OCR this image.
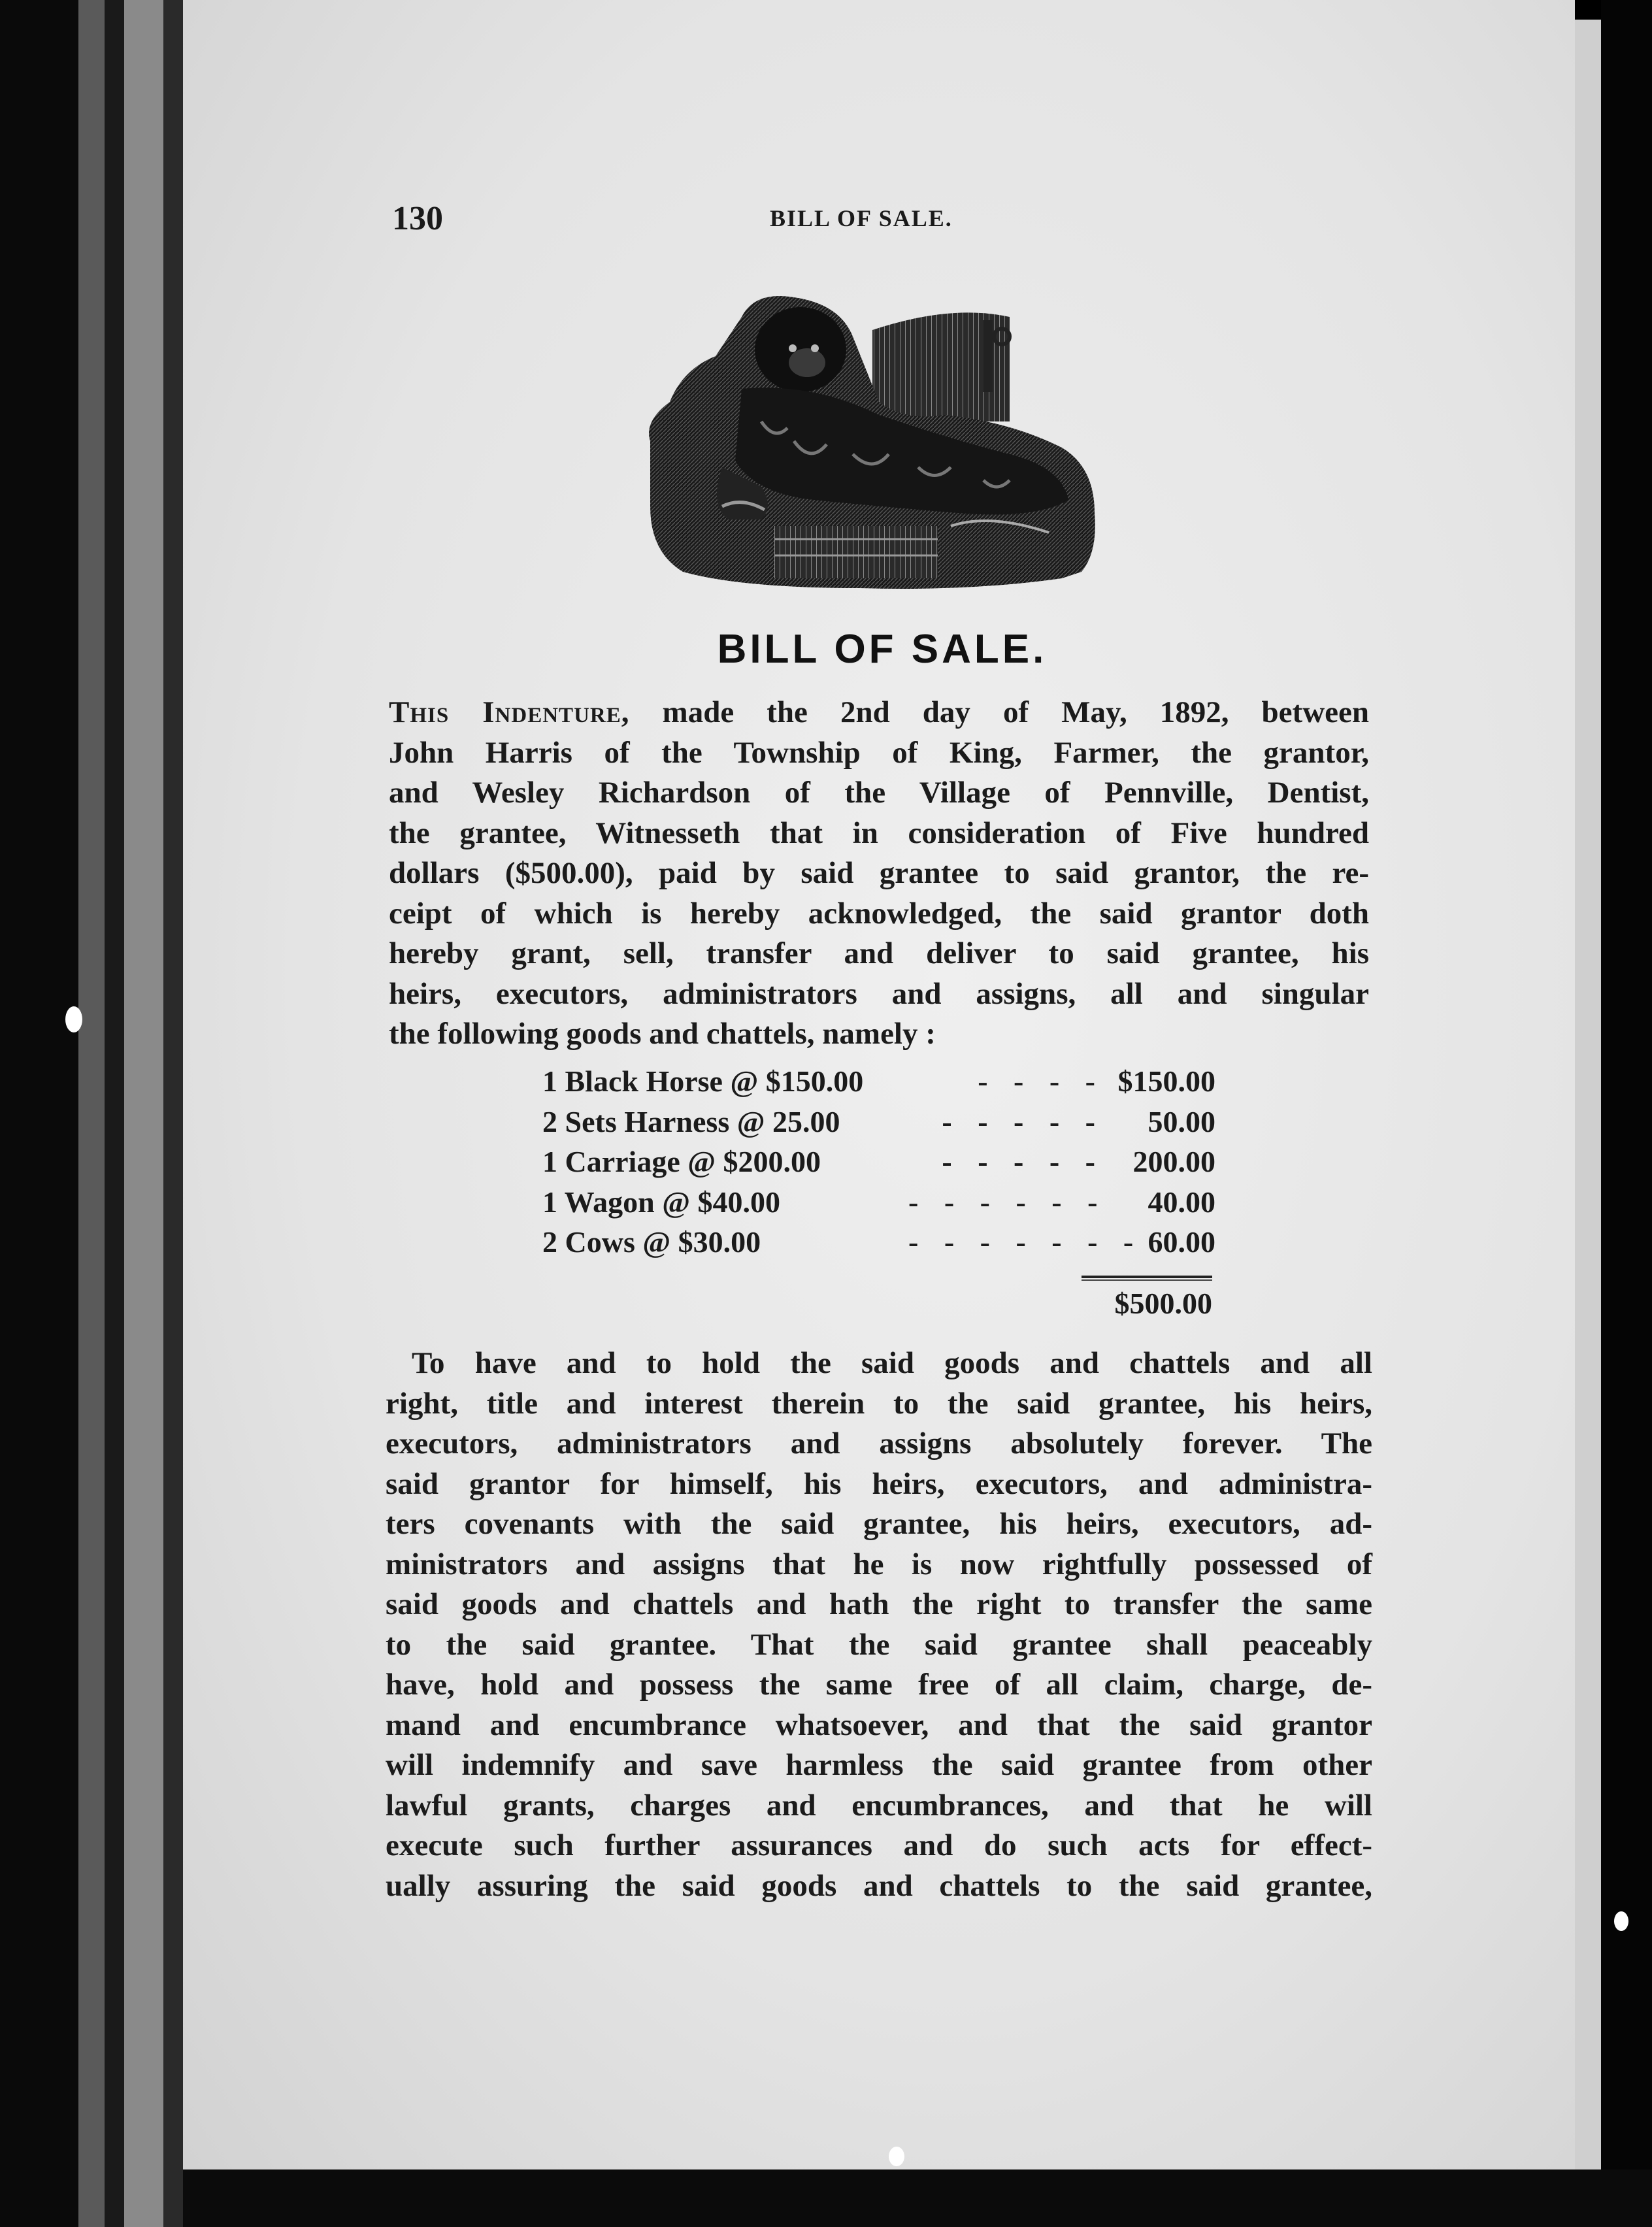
130	BILL OF SALE.
BILL OF SALE.
This Indenture, made the 2nd day of May, 1892, between
John Harris of the Township of King, Farmer, the grantor,
and Wesley Richardson of the Village of Pennville, Dentist,
the grantee, Witnesseth that in consideration of Five hundred
dollars ($500.00), paid by said grantee to said grantor, the re-
ceipt of which is hereby acknowledged, the said grantor doth
hereby grant, sell, transfer and deliver to said grantee, his
heirs, executors, administrators and assigns, all and singular
the following goods and chattels, namely :
1 Black Horse @ $150.00	- - - - $150.00
2 Sets Harness @ 25.00	- - - - - 50.00
1 Carriage @ $200.00	- - - - - 200.00
1 Wagon @ $40.00	- - - - - - 40.00
2 Cows @ $30.00	- - - - - - - 60.00
$500.00
To have and to hold the said goods and chattels and all
right, title and interest therein to the said grantee, his heirs,
executors, administrators and assigns absolutely forever. The
said grantor for himself, his heirs, executors, and administra-
ters covenants with the said grantee, his heirs, executors, ad-
ministrators and assigns that he is now rightfully possessed of
said goods and chattels and hath the right to transfer the same
to the said grantee. That the said grantee shall peaceably
have, hold and possess the same free of all claim, charge, de-
mand and encumbrance whatsoever, and that the said grantor
will indemnify and save harmless the said grantee from other
lawful grants, charges and encumbrances, and that he will
execute such further assurances and do such acts for effect-
ually assuring the said goods and chattels to the said grantee,
